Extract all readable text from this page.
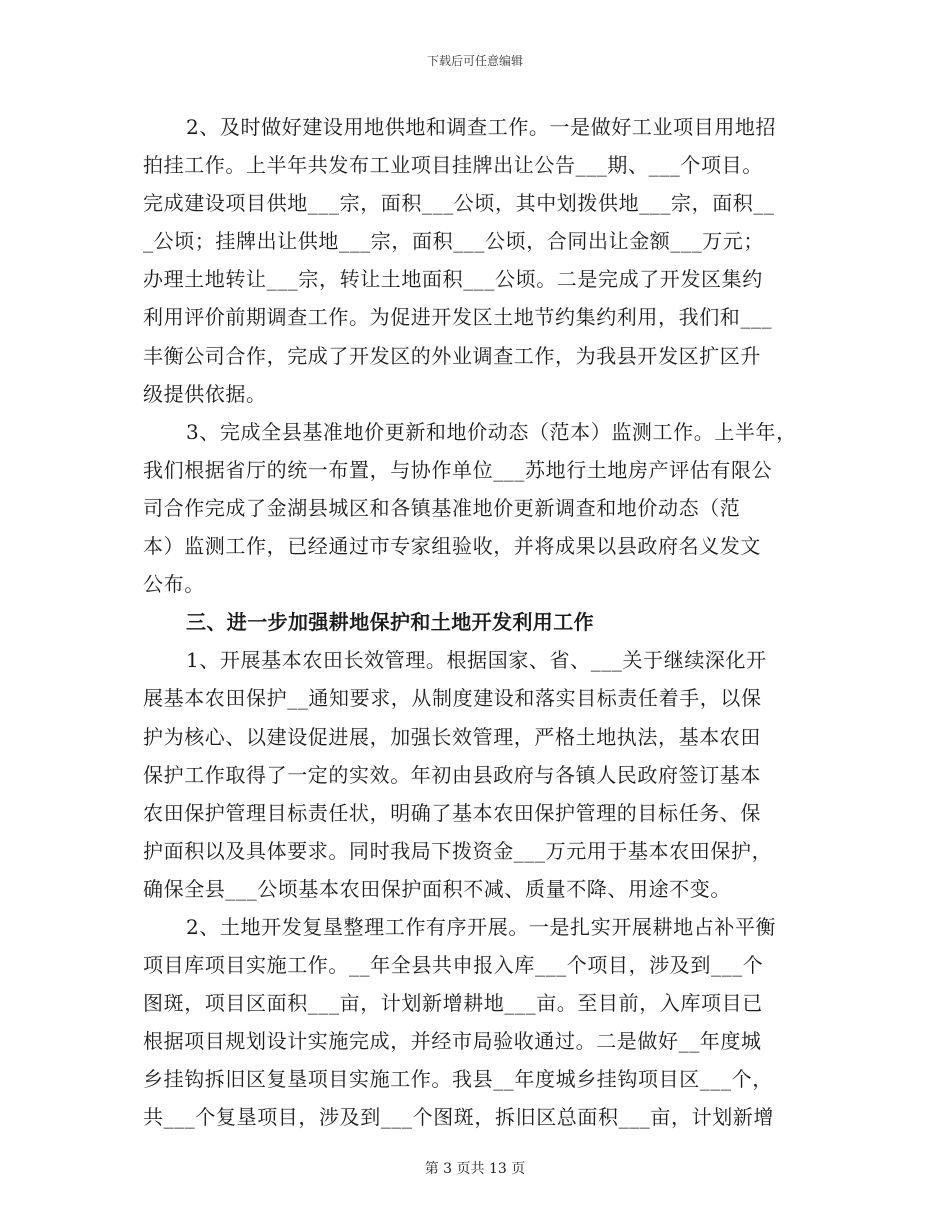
下载后可任意编辑
2、及时做好建设用地供地和调查工作。一是做好工业项目用地招
拍挂工作。上半年共发布工业项目挂牌出让公告___期、___个项目。
完成建设项目供地___宗，面积___公顷，其中划拨供地___宗，面积__
_公顷；挂牌出让供地___宗，面积___公顷，合同出让金额___万元；
办理土地转让___宗，转让土地面积___公顷。二是完成了开发区集约
利用评价前期调查工作。为促进开发区土地节约集约利用，我们和___
丰衡公司合作，完成了开发区的外业调查工作，为我县开发区扩区升
级提供依据。
3、完成全县基准地价更新和地价动态（范本）监测工作。上半年，
我们根据省厅的统一布置，与协作单位___苏地行土地房产评估有限公
司合作完成了金湖县城区和各镇基准地价更新调查和地价动态（范
本）监测工作，已经通过市专家组验收，并将成果以县政府名义发文
公布。
三、进一步加强耕地保护和土地开发利用工作
1、开展基本农田长效管理。根据国家、省、___关于继续深化开
展基本农田保护__通知要求，从制度建设和落实目标责任着手，以保
护为核心、以建设促进展，加强长效管理，严格土地执法，基本农田
保护工作取得了一定的实效。年初由县政府与各镇人民政府签订基本
农田保护管理目标责任状，明确了基本农田保护管理的目标任务、保
护面积以及具体要求。同时我局下拨资金___万元用于基本农田保护，
确保全县___公顷基本农田保护面积不减、质量不降、用途不变。
2、土地开发复垦整理工作有序开展。一是扎实开展耕地占补平衡
项目库项目实施工作。__年全县共申报入库___个项目，涉及到___个
图斑，项目区面积___亩，计划新增耕地___亩。至目前，入库项目已
根据项目规划设计实施完成，并经市局验收通过。二是做好__年度城
乡挂钩拆旧区复垦项目实施工作。我县__年度城乡挂钩项目区___个，
共___个复垦项目，涉及到___个图斑，拆旧区总面积___亩，计划新增
第 3 页共 13 页
